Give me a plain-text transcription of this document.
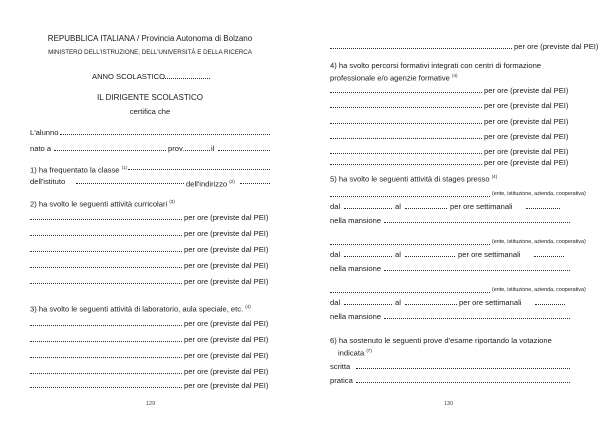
REPUBBLICA ITALIANA / Provincia Autonoma di Bolzano
MINISTERO DELL'ISTRUZIONE, DELL'UNIVERSITÀ E DELLA RICERCA
ANNO SCOLASTICO
IL DIRIGENTE SCOLASTICO
certifica che
L'alunno
nato a	prov.	il
1) ha frequentato la classe $^{(1)}$
dell'istituto	dell'indirizzo $^{(2)}$
2) ha svolto le seguenti attività curricolari $^{(3)}$
per ore (previste dal PEI)
per ore (previste dal PEI)
per ore (previste dal PEI)
per ore (previste dal PEI)
per ore (previste dal PEI)
3) ha svolto le seguenti attività di laboratorio, aula speciale, etc. $^{(4)}$
per ore (previste dal PEI)
per ore (previste dal PEI)
per ore (previste dal PEI)
per ore (previste dal PEI)
per ore (previste dal PEI)
129
per ore (previste dal PEI)
4) ha svolto percorsi formativi integrati con centri di formazione
professionale e/o agenzie formative $^{(4)}$
per ore (previste dal PEI)
per ore (previste dal PEI)
per ore (previste dal PEI)
per ore (previste dal PEI)
per ore (previste dal PEI)
per ore (previste dal PEI)
5) ha svolto le seguenti attività di stages presso $^{(4)}$
(ente, istituzione, azienda, cooperativa)
dal	al	per ore settimanali
nella mansione
(ente, istituzione, azienda, cooperativa)
dal	al	per ore settimanali
nella mansione
(ente, istituzione, azienda, cooperativa)
dal	al	per ore settimanali
nella mansione
6) ha sostenuto le seguenti prove d'esame riportando la votazione
indicata $^{(7)}$
scritta
pratica
130
